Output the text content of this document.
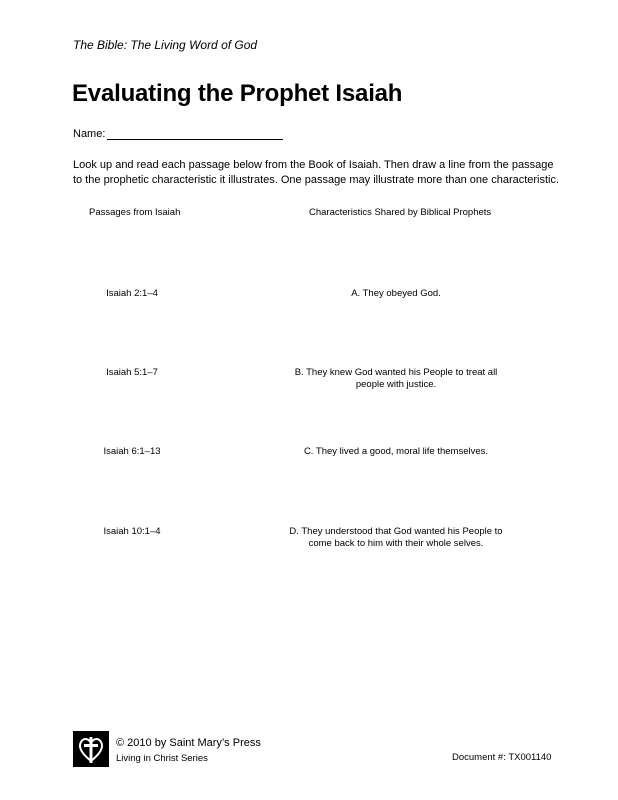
The Bible: The Living Word of God
Evaluating the Prophet Isaiah
Name:
Look up and read each passage below from the Book of Isaiah. Then draw a line from the passage to the prophetic characteristic it illustrates. One passage may illustrate more than one characteristic.
Passages from Isaiah	Characteristics Shared by Biblical Prophets
Isaiah 2:1–4
Isaiah 5:1–7
Isaiah 6:1–13
Isaiah 10:1–4
A. They obeyed God.
B. They knew God wanted his People to treat all people with justice.
C. They lived a good, moral life themselves.
D. They understood that God wanted his People to come back to him with their whole selves.
© 2010 by Saint Mary’s Press
Living in Christ Series	Document #: TX001140
